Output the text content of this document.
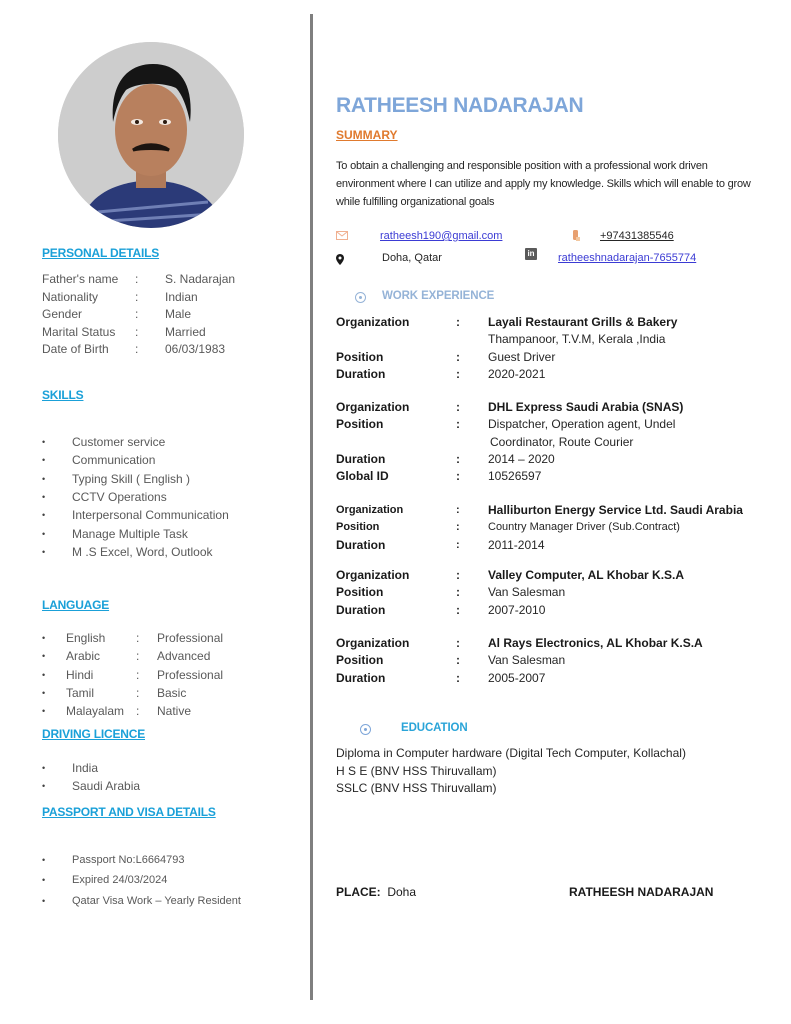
PERSONAL DETAILS
Father's name	:	S. Nadarajan
Nationality	:	Indian
Gender	:	Male
Marital Status	:	Married
Date of Birth	:	06/03/1983
SKILLS
•	Customer service
•	Communication
•	Typing Skill ( English )
•	CCTV Operations
•	Interpersonal Communication
•	Manage Multiple Task
•	M .S Excel, Word, Outlook
LANGUAGE
•	English	:	Professional
•	Arabic	:	Advanced
•	Hindi	:	Professional
•	Tamil	:	Basic
•	Malayalam :	Native
DRIVING LICENCE
•	India
•	Saudi Arabia
PASSPORT AND VISA DETAILS
•	Passport No:L6664793
•	Expired 24/03/2024
•	Qatar Visa Work – Yearly Resident
RATHEESH NADARAJAN
SUMMARY
To obtain a challenging and responsible position with a professional work driven environment where I can utilize and apply my knowledge. Skills which will enable to grow while fulfilling organizational goals
ratheesh190@gmail.com	+97431385546
Doha, Qatar	in ratheeshnadarajan-7655774
WORK EXPERIENCE
Organization	:	Layali Restaurant Grills & Bakery
Thampanoor, T.V.M, Kerala ,India
Position	:	Guest Driver
Duration	:	2020-2021
Organization	:	DHL Express Saudi Arabia (SNAS)
Position	:	Dispatcher, Operation agent, Undel
Coordinator, Route Courier
Duration	:	2014 – 2020
Global ID	:	10526597
Organization	:	Halliburton Energy Service Ltd. Saudi Arabia
Position	:	Country Manager Driver (Sub.Contract)
Duration	:	2011-2014
Organization	:	Valley Computer, AL Khobar K.S.A
Position	:	Van Salesman
Duration	:	2007-2010
Organization	:	Al Rays Electronics, AL Khobar K.S.A
Position	:	Van Salesman
Duration	:	2005-2007
EDUCATION
Diploma in Computer hardware (Digital Tech Computer, Kollachal)
H S E (BNV HSS Thiruvallam)
SSLC (BNV HSS Thiruvallam)
PLACE: Doha	RATHEESH NADARAJAN
